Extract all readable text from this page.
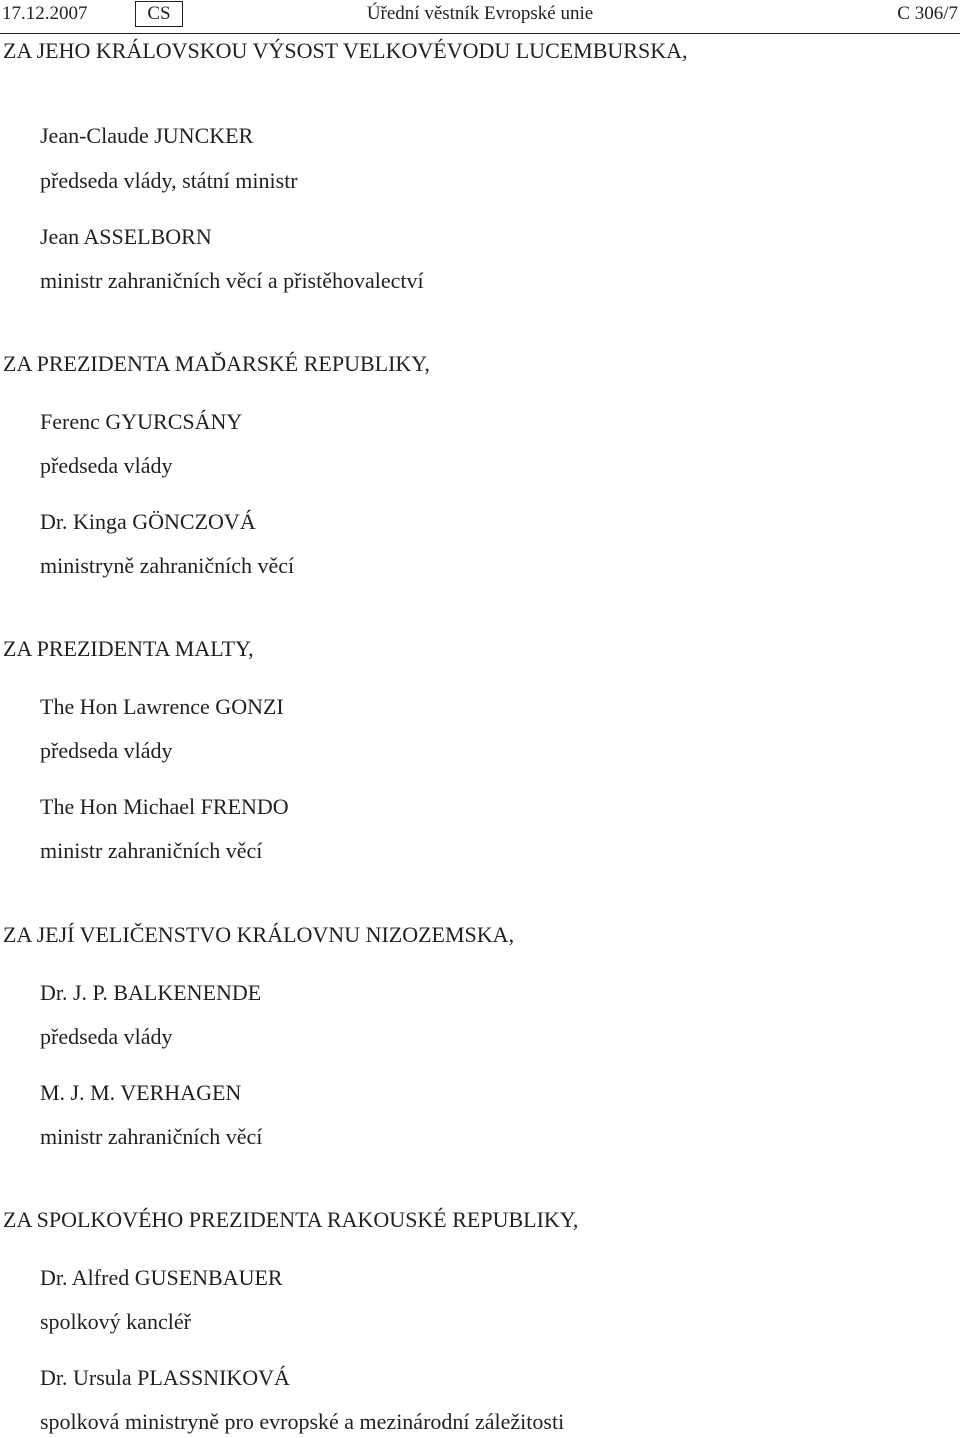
17.12.2007	Úřední věstník Evropské unie
CS	C 306/7
ZA JEHO KRÁLOVSKOU VÝSOST VELKOVÉVODU LUCEMBURSKA,
Jean-Claude JUNCKER
předseda vlády, státní ministr
Jean ASSELBORN
ministr zahraničních věcí a přistěhovalectví
ZA PREZIDENTA MAĎARSKÉ REPUBLIKY,
Ferenc GYURCSÁNY
předseda vlády
Dr. Kinga GÖNCZOVÁ
ministryně zahraničních věcí
ZA PREZIDENTA MALTY,
The Hon Lawrence GONZI
předseda vlády
The Hon Michael FRENDO
ministr zahraničních věcí
ZA JEJÍ VELIČENSTVO KRÁLOVNU NIZOZEMSKA,
Dr. J. P. BALKENENDE
předseda vlády
M. J. M. VERHAGEN
ministr zahraničních věcí
ZA SPOLKOVÉHO PREZIDENTA RAKOUSKÉ REPUBLIKY,
Dr. Alfred GUSENBAUER
spolkový kancléř
Dr. Ursula PLASSNIKOVÁ
spolková ministryně pro evropské a mezinárodní záležitosti
